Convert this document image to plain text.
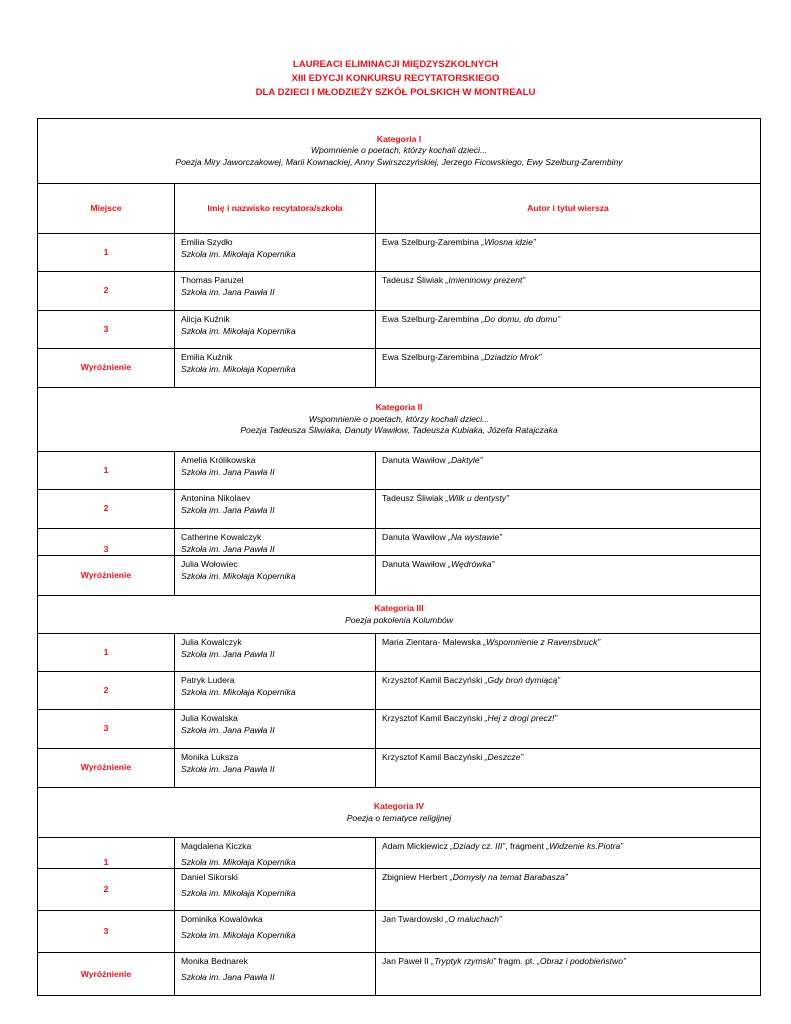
LAUREACI ELIMINACJI MIĘDZYSZKOLNYCH
XIII EDYCJI KONKURSU RECYTATORSKIEGO
DLA DZIECI I MŁODZIEŻY SZKÓŁ POLSKICH W MONTREALU
Kategoria I
Wpomnienie o poetach, którzy kochali dzieci...
Poezja Miry Jaworczakowej, Marii Kownackiej, Anny Świrszczyńskiej, Jerzego Ficowskiego, Ewy Szelburg-Zarembiny		

Miejsce	Imię i nazwisko recytatora/szkoła	Autor i tytuł wiersza
1	Emilia Szydło
Szkoła im. Mikołaja Kopernika	Ewa Szelburg-Zarembina „Wiosna idzie”
2	Thomas Paruzel
Szkoła im. Jana Pawła II	Tadeusz Śliwiak „Imieninowy prezent”
3	Alicja Kuźnik
Szkoła im. Mikołaja Kopernika	Ewa Szelburg-Zarembina „Do domu, do domu”
Wyróżnienie	Emilia Kuźnik
Szkoła im. Mikołaja Kopernika	Ewa Szelburg-Zarembina „Dziadzio Mrok”

Kategoria II
Wspomnienie o poetach, którzy kochali dzieci...
Poezja Tadeusza Śliwiaka, Danuty Wawiłow, Tadeusza Kubiaka, Józefa Ratajczaka		

1	Amelia Królikowska
Szkoła im. Jana Pawła II	Danuta Wawiłow „Daktyle”
2	Antonina Nikolaev
Szkoła im. Jana Pawła II	Tadeusz Śliwiak „Wilk u dentysty”
3	Catherine Kowalczyk
Szkoła im. Jana Pawła II	Danuta Wawiłow „Na wystawie”
Wyróżnienie	Julia Wołowiec
Szkoła im. Mikołaja Kopernika	Danuta Wawiłow „Wędrówka”

Kategoria III
Poezja pokolenia Kolumbów		

1	Julia Kowalczyk
Szkoła im. Jana Pawła II	Maria Zientara- Malewska „Wspomnienie z Ravensbruck”
2	Patryk Ludera
Szkoła im. Mikołaja Kopernika	Krzysztof Kamil Baczyński „Gdy broń dymiącą”
3	Julia Kowalska
Szkoła im. Jana Pawła II	Krzysztof Kamil Baczyński „Hej z drogi precz!”
Wyróżnienie	Monika Luksza
Szkoła im. Jana Pawła II	Krzysztof Kamil Baczyński „Deszcze”

Kategoria IV
Poezja o tematyce religijnej		

1	Magdalena Kiczka
Szkoła im. Mikołaja Kopernika	Adam Mickiewicz „Dziady cz. III”, fragment „Widzenie ks.Piotra”
2	Daniel Sikorski
Szkoła im. Mikołaja Kopernika	Zbigniew Herbert „Domysły na temat Barabasza”
3	Dominika Kowalówka
Szkoła im. Mikołaja Kopernika	Jan Twardowski „O maluchach”
Wyróżnienie	Monika Bednarek
Szkoła im. Jana Pawła II	Jan Paweł II „Tryptyk rzymski” fragm. pt. „Obraz i podobieństwo”
